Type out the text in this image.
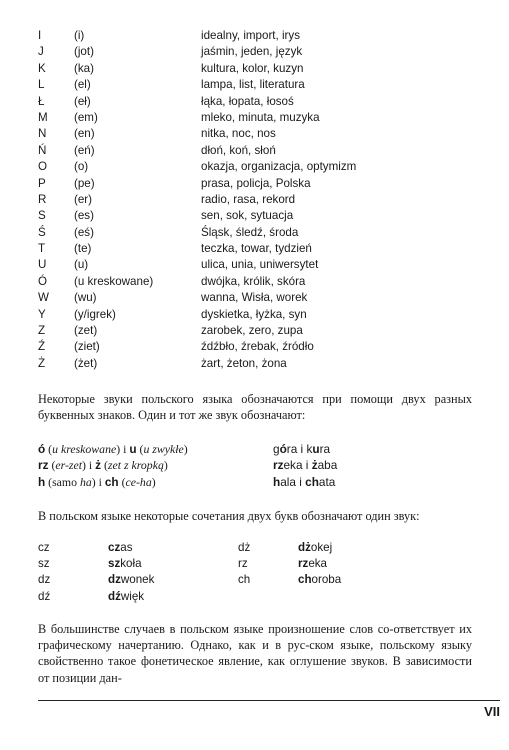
I	(i)	idealny, import, irys
J	(jot)	jaśmin, jeden, język
K (ka)	kultura, kolor, kuzyn
L	(el)	lampa, list, literatura
Ł	(eł)	łąka, łopata, łosoś
M (em)	mleko, minuta, muzyka
N (en)	nitka, noc, nos
Ń (eń)	dłoń, koń, słoń
O (o)	okazja, organizacja, optymizm
P (pe)	prasa, policja, Polska
R (er)	radio, rasa, rekord
S (es)	sen, sok, sytuacja
Ś (eś)	Śląsk, śledź, środa
T (te)	teczka, towar, tydzień
U (u)	ulica, unia, uniwersytet
Ó (u kreskowane)	dwójka, królik, skóra
W (wu)	wanna, Wisła, worek
Y (y/igrek)	dyskietka, łyżka, syn
Z (zet)	zarobek, zero, zupa
Ź (ziet)	źdźbło, źrebak, źródło
Ż (żet)	żart, żeton, żona

Некоторые звуки польского языка обозначаются при помощи двух разных буквенных знаков. Один и тот же звук обозначают:

ó (u kreskowane) i u (u zwykłe)	góra i kura
rz (er-zet) i ż (zet z kropką)	rzeka i żaba
h (samo ha) i ch (ce-ha)	hala i chata

В польском языке некоторые сочетания двух букв обозначают один звук:

cz	cz as	dż	dż okej
sz	sz koła	rz	rz eka
dz	dz wonek	ch	ch oroba
dź	dź więk

В большинстве случаев в польском языке произношение слов со-ответствует их графическому начертанию. Однако, как и в рус-ском языке, польскому языку свойственно такое фонетическое явление, как оглушение звуков. В зависимости от позиции дан-

VII
